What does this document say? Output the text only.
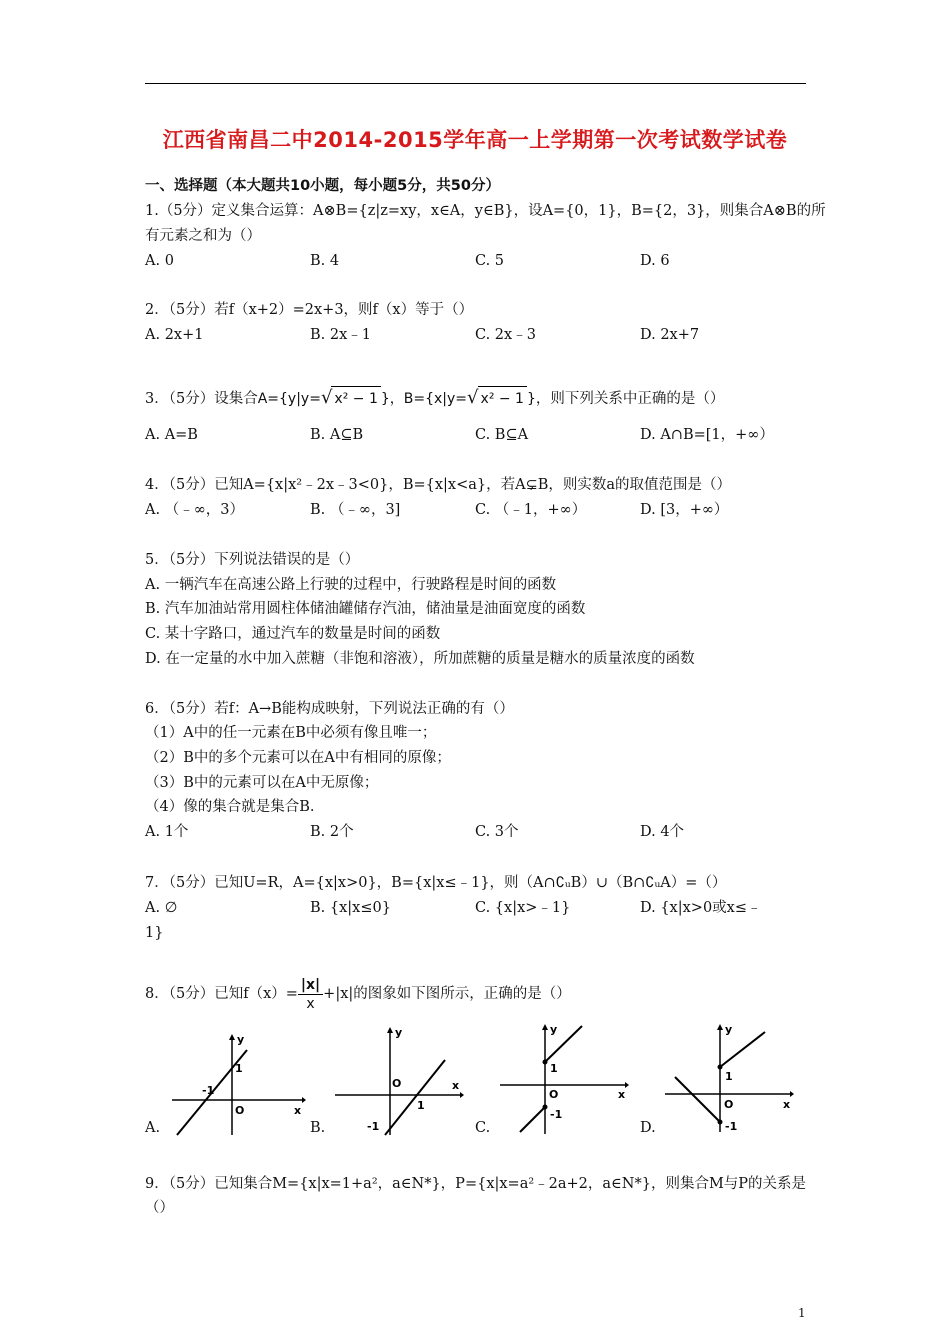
江西省南昌二中2014-2015学年高一上学期第一次考试数学试卷
一、选择题（本大题共10小题，每小题5分，共50分）
1.（5分）定义集合运算：A⊗B={z|z=xy，x∈A，y∈B}，设A={0，1}，B={2，3}，则集合A⊗B的所
有元素之和为（）
A. 0	B. 4	C. 5	D. 6
2．（5分）若f（x+2）=2x+3，则f（x）等于（）
A. 2x+1	B. 2x﹣1	C. 2x﹣3	D. 2x+7
3．（5分）设集合A={y|y=√ x² − 1 }，B={x|y=√ x² − 1 }，则下列关系中正确的是（）
A. A=B	B. A⊆B	C. B⊆A	D. A∩B=[1，+∞）
4．（5分）已知A={x|x²﹣2x﹣3<0}，B={x|x<a}，若A⊊B，则实数a的取值范围是（）
A. （﹣∞，3）	B. （﹣∞，3]	C. （﹣1，+∞）	D. [3，+∞）
5．（5分）下列说法错误的是（）
A. 一辆汽车在高速公路上行驶的过程中，行驶路程是时间的函数
B. 汽车加油站常用圆柱体储油罐储存汽油，储油量是油面宽度的函数
C. 某十字路口，通过汽车的数量是时间的函数
D. 在一定量的水中加入蔗糖（非饱和溶液），所加蔗糖的质量是糖水的质量浓度的函数
6．（5分）若f：A→B能构成映射，下列说法正确的有（）
（1）A中的任一元素在B中必须有像且唯一；
（2）B中的多个元素可以在A中有相同的原像；
（3）B中的元素可以在A中无原像；
（4）像的集合就是集合B.
A. 1个	B. 2个	C. 3个	D. 4个
7．（5分）已知U=R，A={x|x>0}，B={x|x≤﹣1}，则（A∩∁ᵤB）∪（B∩∁ᵤA）=（）
A. ∅	B. {x|x≤0}	C. {x|x>﹣1}	D. {x|x>0或x≤﹣
1}
8．（5分）已知$f(x)= \frac{|x|}{x} +|x|$的图象如下图所示，正确的是（）
y
x
O
1
-1
A.
y
x
O
1
-1
B.
y
x
O
1
-1
C.
y
x
O
1
-1
D.
9．（5分）已知集合M={x|x=1+a²，a∈N*}，P={x|x=a²﹣2a+2，a∈N*}，则集合M与P的关系是
（）
1
